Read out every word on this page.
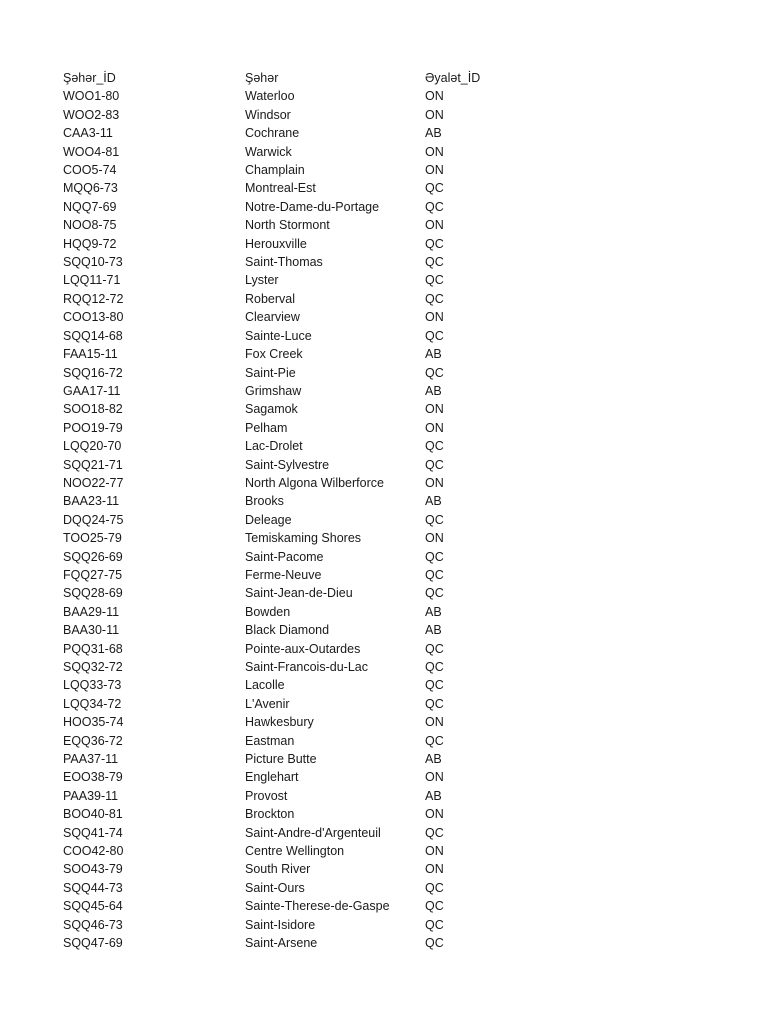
Şəhər_İD	Şəhər	Əyalət_İD
WOO1-80	Waterloo	ON
WOO2-83	Windsor	ON
CAA3-11	Cochrane	AB
WOO4-81	Warwick	ON
COO5-74	Champlain	ON
MQQ6-73	Montreal-Est	QC
NQQ7-69	Notre-Dame-du-Portage	QC
NOO8-75	North Stormont	ON
HQQ9-72	Herouxville	QC
SQQ10-73	Saint-Thomas	QC
LQQ11-71	Lyster	QC
RQQ12-72	Roberval	QC
COO13-80	Clearview	ON
SQQ14-68	Sainte-Luce	QC
FAA15-11	Fox Creek	AB
SQQ16-72	Saint-Pie	QC
GAA17-11	Grimshaw	AB
SOO18-82	Sagamok	ON
POO19-79	Pelham	ON
LQQ20-70	Lac-Drolet	QC
SQQ21-71	Saint-Sylvestre	QC
NOO22-77	North Algona Wilberforce	ON
BAA23-11	Brooks	AB
DQQ24-75	Deleage	QC
TOO25-79	Temiskaming Shores	ON
SQQ26-69	Saint-Pacome	QC
FQQ27-75	Ferme-Neuve	QC
SQQ28-69	Saint-Jean-de-Dieu	QC
BAA29-11	Bowden	AB
BAA30-11	Black Diamond	AB
PQQ31-68	Pointe-aux-Outardes	QC
SQQ32-72	Saint-Francois-du-Lac	QC
LQQ33-73	Lacolle	QC
LQQ34-72	L'Avenir	QC
HOO35-74	Hawkesbury	ON
EQQ36-72	Eastman	QC
PAA37-11	Picture Butte	AB
EOO38-79	Englehart	ON
PAA39-11	Provost	AB
BOO40-81	Brockton	ON
SQQ41-74	Saint-Andre-d'Argenteuil	QC
COO42-80	Centre Wellington	ON
SOO43-79	South River	ON
SQQ44-73	Saint-Ours	QC
SQQ45-64	Sainte-Therese-de-Gaspe	QC
SQQ46-73	Saint-Isidore	QC
SQQ47-69	Saint-Arsene	QC
